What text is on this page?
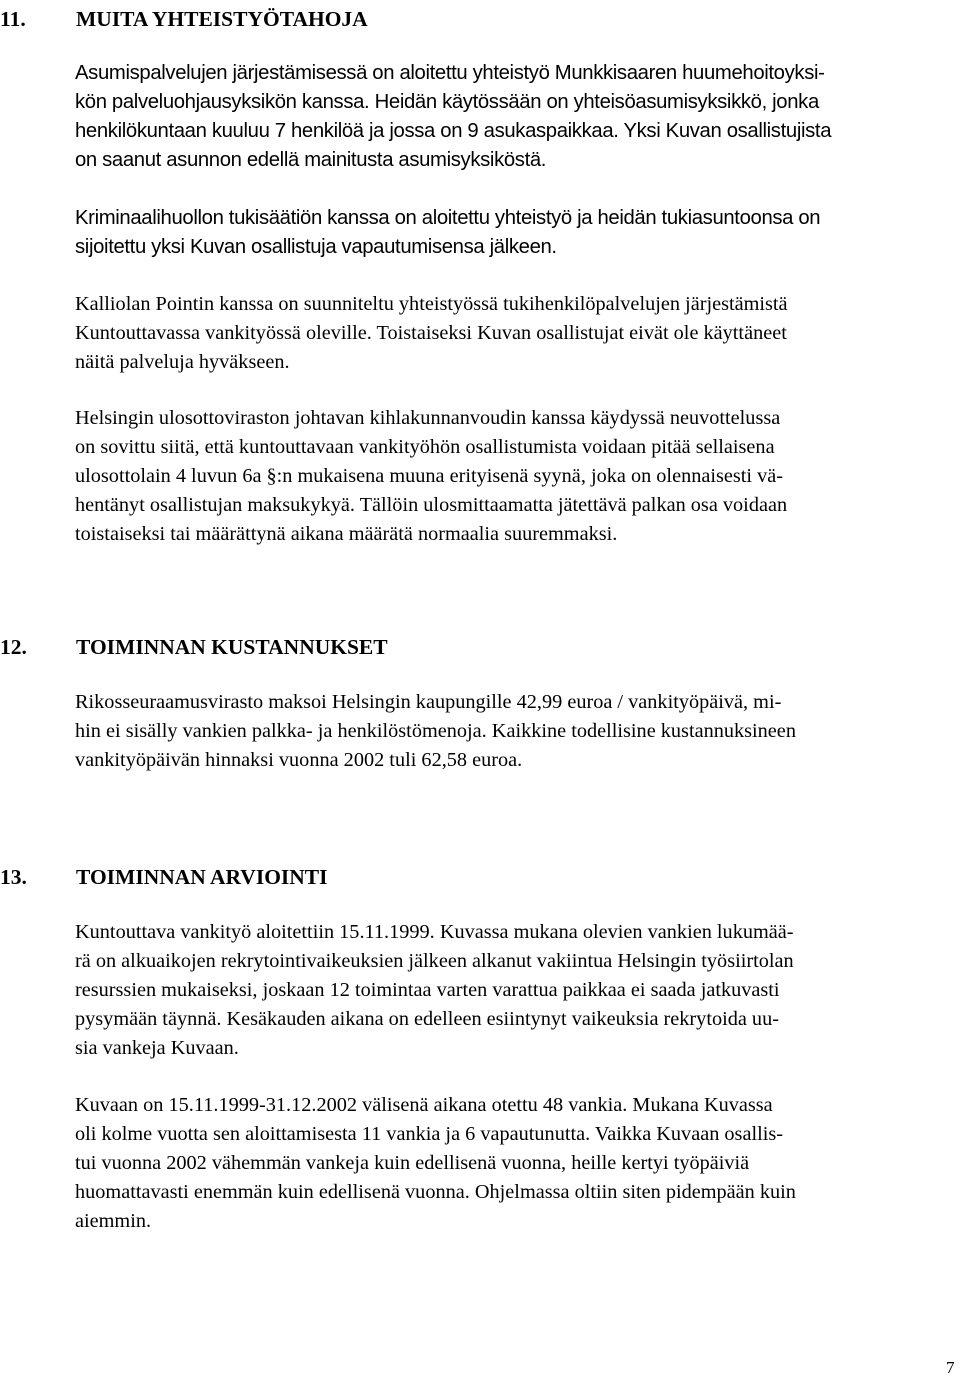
11. MUITA YHTEISTYÖTAHOJA
Asumispalvelujen järjestämisessä on aloitettu yhteistyö Munkkisaaren huumehoitoyksi-
kön palveluohjausyksikön kanssa. Heidän käytössään on yhteisöasumisyksikkö, jonka
henkilökuntaan kuuluu 7 henkilöä ja jossa on 9 asukaspaikkaa. Yksi Kuvan osallistujista
on saanut asunnon edellä mainitusta asumisyksiköstä.
Kriminaalihuollon tukisäätiön kanssa on aloitettu yhteistyö ja heidän tukiasuntoonsa on
sijoitettu yksi Kuvan osallistuja vapautumisensa jälkeen.
Kalliolan Pointin kanssa on suunniteltu yhteistyössä tukihenkilöpalvelujen järjestämistä
Kuntouttavassa vankityössä oleville. Toistaiseksi Kuvan osallistujat eivät ole käyttäneet
näitä palveluja hyväkseen.
Helsingin ulosottoviraston johtavan kihlakunnanvoudin kanssa käydyssä neuvottelussa
on sovittu siitä, että kuntouttavaan vankityöhön osallistumista voidaan pitää sellaisena
ulosottolain 4 luvun 6a §:n mukaisena muuna erityisenä syynä, joka on olennaisesti vä-
hentänyt osallistujan maksukykyä. Tällöin ulosmittaamatta jätettävä palkan osa voidaan
toistaiseksi tai määrättynä aikana määrätä normaalia suuremmaksi.
12. TOIMINNAN KUSTANNUKSET
Rikosseuraamusvirasto maksoi Helsingin kaupungille 42,99 euroa / vankityöpäivä, mi-
hin ei sisälly vankien palkka- ja henkilöstömenoja. Kaikkine todellisine kustannuksineen
vankityöpäivän hinnaksi vuonna 2002 tuli 62,58 euroa.
13. TOIMINNAN ARVIOINTI
Kuntouttava vankityö aloitettiin 15.11.1999. Kuvassa mukana olevien vankien lukumää-
rä on alkuaikojen rekrytointivaikeuksien jälkeen alkanut vakiintua Helsingin työsiirtolan
resurssien mukaiseksi, joskaan 12 toimintaa varten varattua paikkaa ei saada jatkuvasti
pysymään täynnä. Kesäkauden aikana on edelleen esiintynyt vaikeuksia rekrytoida uu-
sia vankeja Kuvaan.
Kuvaan on 15.11.1999-31.12.2002 välisenä aikana otettu 48 vankia. Mukana Kuvassa
oli kolme vuotta sen aloittamisesta 11 vankia ja 6 vapautunutta. Vaikka Kuvaan osallis-
tui vuonna 2002 vähemmän vankeja kuin edellisenä vuonna, heille kertyi työpäiviä
huomattavasti enemmän kuin edellisenä vuonna. Ohjelmassa oltiin siten pidempään kuin
aiemmin.
7
